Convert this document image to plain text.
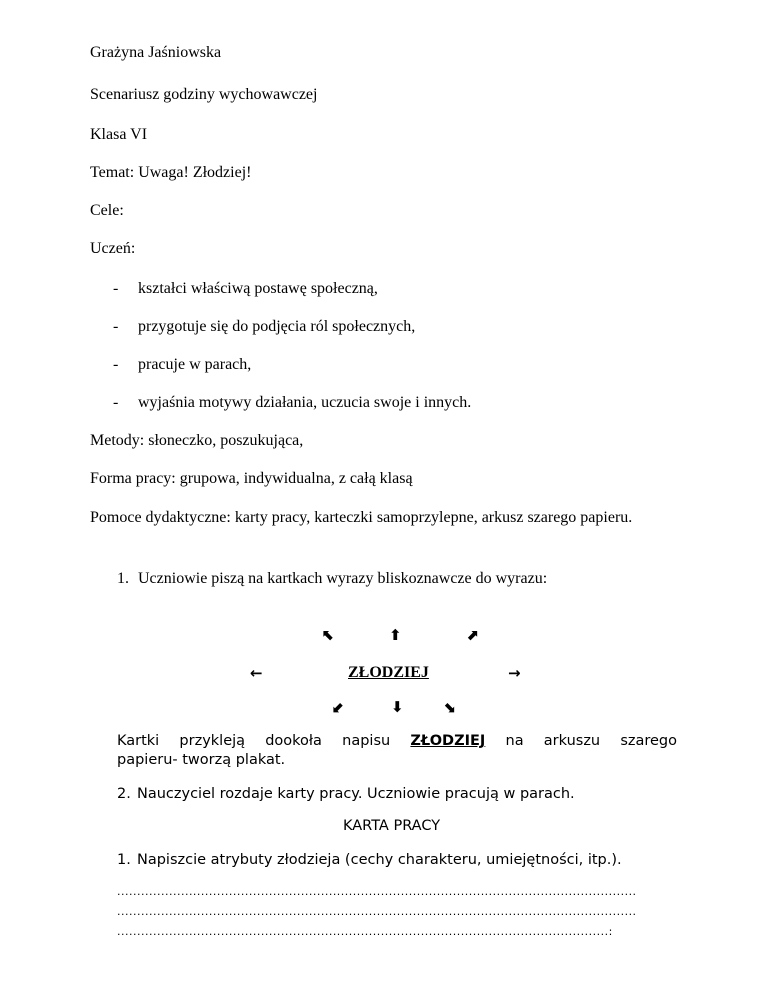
Grażyna Jaśniowska
Scenariusz godziny wychowawczej
Klasa VI
Temat: Uwaga! Złodziej!
Cele:
Uczeń:
- kształci właściwą postawę społeczną,
- przygotuje się do podjęcia ról społecznych,
- pracuje w parach,
- wyjaśnia motywy działania, uczucia swoje i innych.
Metody: słoneczko, poszukująca,
Forma pracy: grupowa, indywidualna, z całą klasą
Pomoce dydaktyczne: karty pracy, karteczki samoprzylepne, arkusz szarego papieru.
1. Uczniowie piszą na kartkach wyrazy bliskoznawcze do wyrazu:
⬉	⬆	⬈
←	ZŁODZIEJ	→
⬋	⬇	⬊
Kartki przykleją dookoła napisu ZŁODZIEJ na arkuszu szarego
papieru- tworzą plakat.
2. Nauczyciel rozdaje karty pracy. Uczniowie pracują w parach.
KARTA PRACY
1. Napiszcie atrybuty złodzieja (cechy charakteru, umiejętności, itp.).
..................................................................................................................................
..................................................................................................................................
...........................................................................................................................:
